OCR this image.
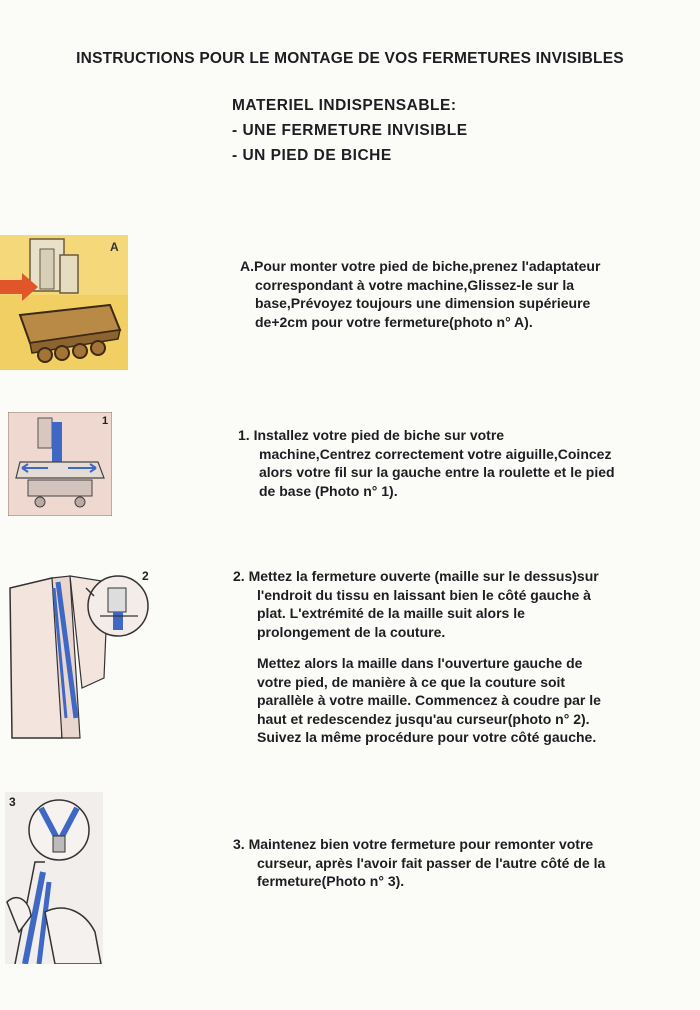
INSTRUCTIONS POUR LE MONTAGE DE VOS FERMETURES INVISIBLES
MATERIEL INDISPENSABLE:
- UNE FERMETURE INVISIBLE
- UN PIED DE BICHE
A
A.Pour monter votre pied de biche,prenez l'adaptateur
correspondant à votre machine,Glissez-le sur la
base,Prévoyez toujours une dimension supérieure
de+2cm pour votre fermeture(photo n° A).
1
1. Installez votre pied de biche sur votre
machine,Centrez correctement votre aiguille,Coincez
alors votre fil sur la gauche entre la roulette et le pied
de base (Photo n° 1).
2	2. Mettez la fermeture ouverte (maille sur le dessus)sur
l'endroit du tissu en laissant bien le côté gauche à
plat. L'extrémité de la maille suit alors le
prolongement de la couture.
Mettez alors la maille dans l'ouverture gauche de
votre pied, de manière à ce que la couture soit
parallèle à votre maille. Commencez à coudre par le
haut et redescendez jusqu'au curseur(photo n° 2).
Suivez la même procédure pour votre côté gauche.
3
3. Maintenez bien votre fermeture pour remonter votre
curseur, après l'avoir fait passer de l'autre côté de la
fermeture(Photo n° 3).
